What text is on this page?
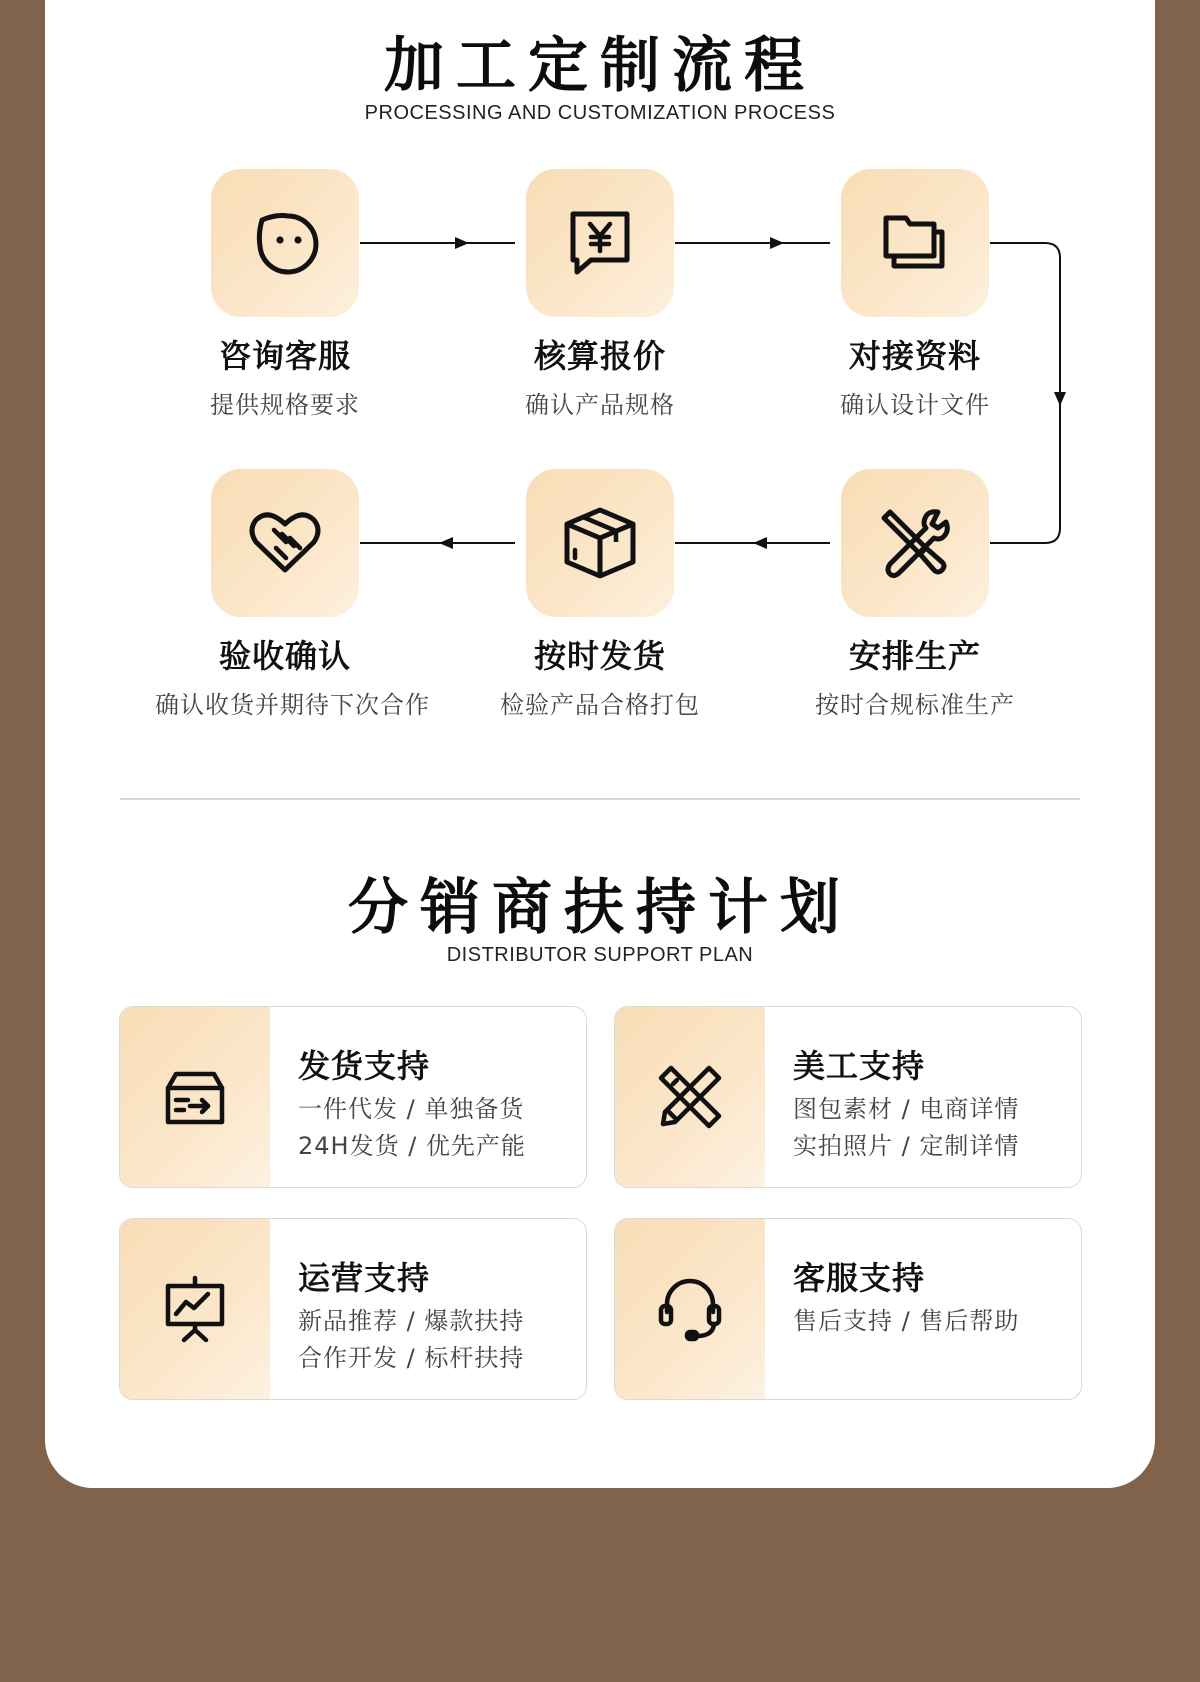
加工定制流程
PROCESSING AND CUSTOMIZATION PROCESS
咨询客服
提供规格要求
核算报价
确认产品规格
对接资料
确认设计文件
验收确认
确认收货并期待下次合作
按时发货
检验产品合格打包
安排生产
按时合规标准生产
分销商扶持计划
DISTRIBUTOR SUPPORT PLAN
发货支持
一件代发 / 单独备货
24H发货 / 优先产能
美工支持
图包素材 / 电商详情
实拍照片 / 定制详情
运营支持
新品推荐 / 爆款扶持
合作开发 / 标杆扶持
客服支持
售后支持 / 售后帮助
